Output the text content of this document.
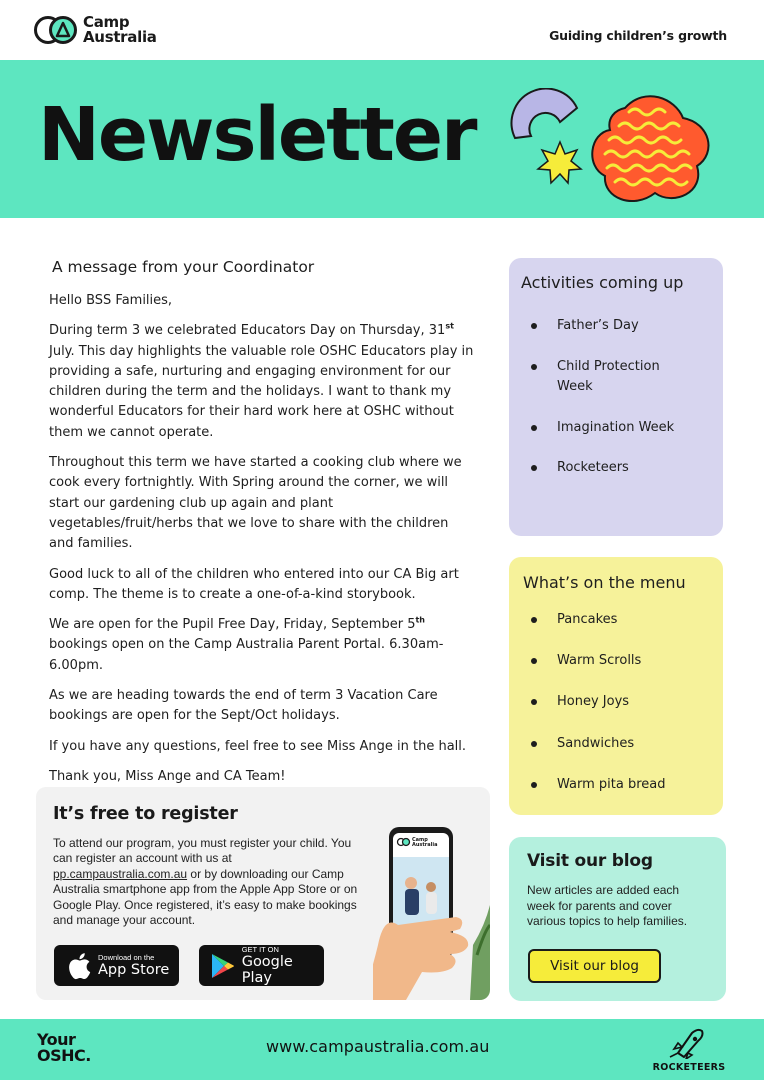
Camp
Australia	Guiding children’s growth
Newsletter
A message from your Coordinator
Hello BSS Families,
During term 3 we celebrated Educators Day on Thursday, 31st July. This day highlights the valuable role OSHC Educators play in providing a safe, nurturing and engaging environment for our children during the term and the holidays. I want to thank my wonderful Educators for their hard work here at OSHC without them we cannot operate.
Throughout this term we have started a cooking club where we cook every fortnightly. With Spring around the corner, we will start our gardening club up again and plant vegetables/fruit/herbs that we love to share with the children and families.
Good luck to all of the children who entered into our CA Big art comp. The theme is to create a one-of-a-kind storybook.
We are open for the Pupil Free Day, Friday, September 5th bookings open on the Camp Australia Parent Portal. 6.30am-6.00pm.
As we are heading towards the end of term 3 Vacation Care bookings are open for the Sept/Oct holidays.
If you have any questions, feel free to see Miss Ange in the hall.
Thank you, Miss Ange and CA Team!
It’s free to register
To attend our program, you must register your child. You can register an account with us at pp.campaustralia.com.au or by downloading our Camp Australia smartphone app from the Apple App Store or on Google Play. Once registered, it’s easy to make bookings and manage your account.
Download on the
App Store
GET IT ON
Google Play
Camp
Australia
Activities coming up
Father’s Day
Child Protection Week
Imagination Week
Rocketeers
What’s on the menu
Pancakes
Warm Scrolls
Honey Joys
Sandwiches
Warm pita bread
Visit our blog
New articles are added each week for parents and cover various topics to help families.
Visit our blog
Your
OSHC.	www.campaustralia.com.au
ROCKETEERS
